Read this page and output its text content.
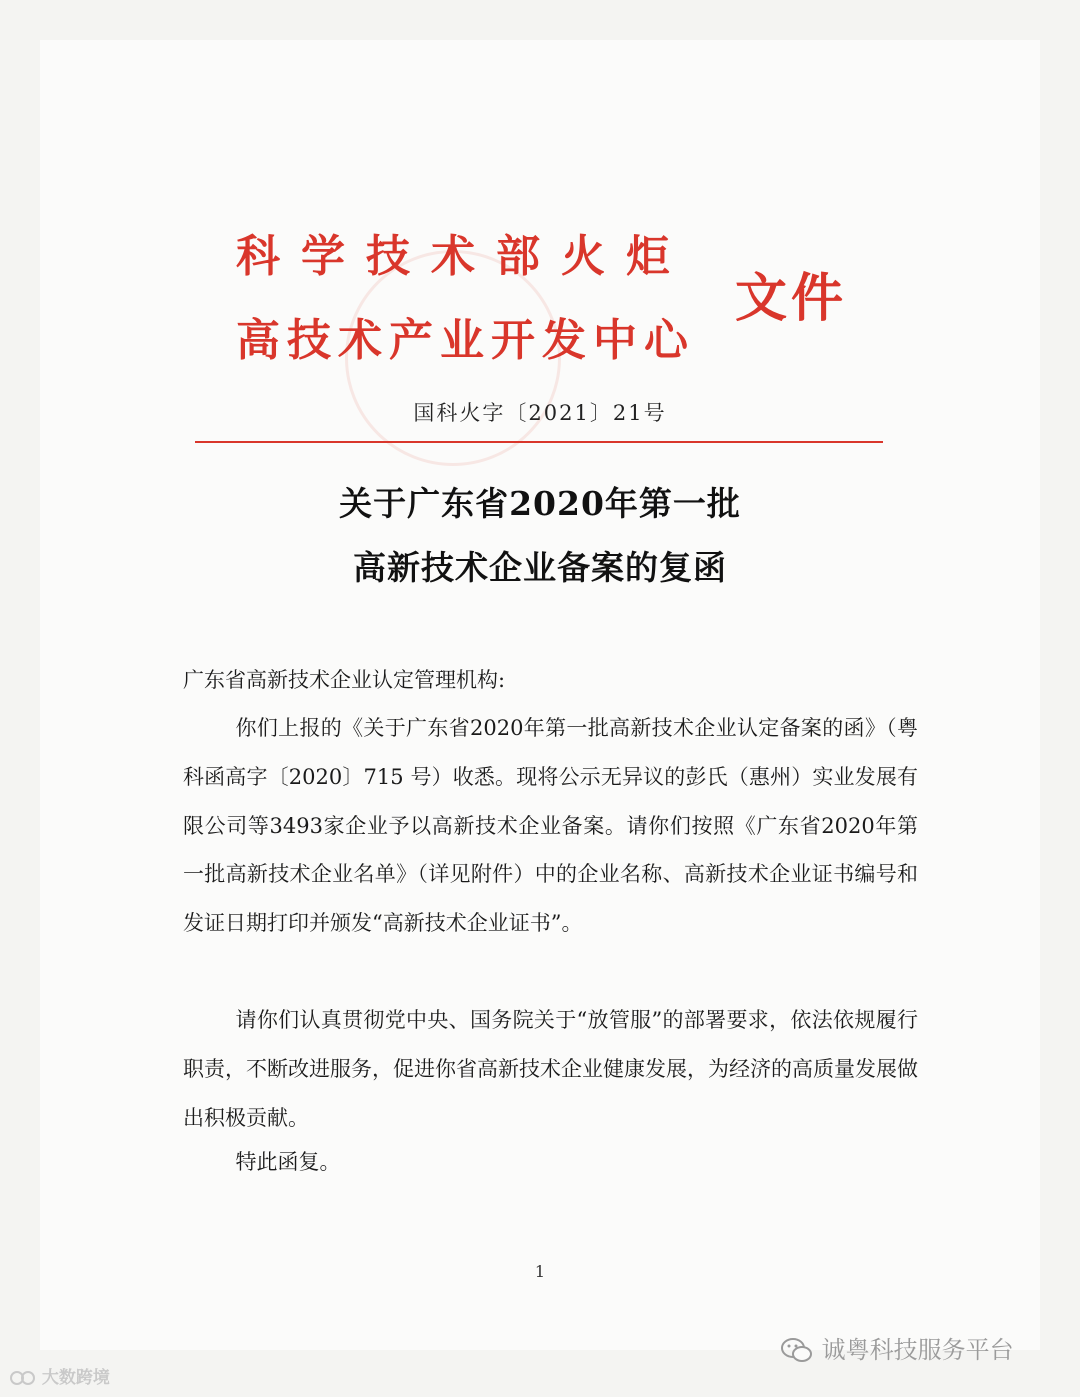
科学技术部火炬
高技术产业开发中心
文件
国科火字〔2021〕21号
关于广东省2020年第一批
高新技术企业备案的复函
广东省高新技术企业认定管理机构:

你们上报的《关于广东省2020年第一批高新技术企业认定备案的函》（粤科函高字〔2020〕715 号）收悉。现将公示无异议的彭氏（惠州）实业发展有限公司等3493家企业予以高新技术企业备案。请你们按照《广东省2020年第一批高新技术企业名单》（详见附件）中的企业名称、高新技术企业证书编号和发证日期打印并颁发“高新技术企业证书”。

请你们认真贯彻党中央、国务院关于“放管服”的部署要求，依法依规履行职责，不断改进服务，促进你省高新技术企业健康发展，为经济的高质量发展做出积极贡献。

特此函复。

1
大数跨境
诚粤科技服务平台
